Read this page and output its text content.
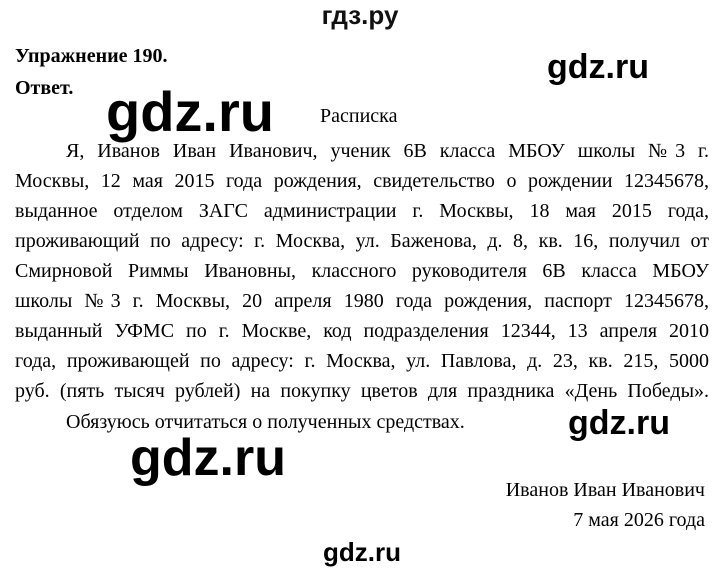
гдз.ру
Упражнение 190.
Ответ.
Расписка
Я, Иванов Иван Иванович, ученик 6В класса МБОУ школы №3 г.
Москвы, 12 мая 2015 года рождения, свидетельство о рождении 12345678,
выданное отделом ЗАГС администрации г. Москвы, 18 мая 2015 года,
проживающий по адресу: г. Москва, ул. Баженова, д. 8, кв. 16, получил от
Смирновой Риммы Ивановны, классного руководителя 6В класса МБОУ
школы №3 г. Москвы, 20 апреля 1980 года рождения, паспорт 12345678,
выданный УФМС по г. Москве, код подразделения 12344, 13 апреля 2010
года, проживающей по адресу: г. Москва, ул. Павлова, д. 23, кв. 215, 5000
руб. (пять тысяч рублей) на покупку цветов для праздника «День Победы».
Обязуюсь отчитаться о полученных средствах.
Иванов Иван Иванович
7 мая 2026 года
gdz.ru
gdz.ru
gdz.ru
gdz.ru
gdz.ru
